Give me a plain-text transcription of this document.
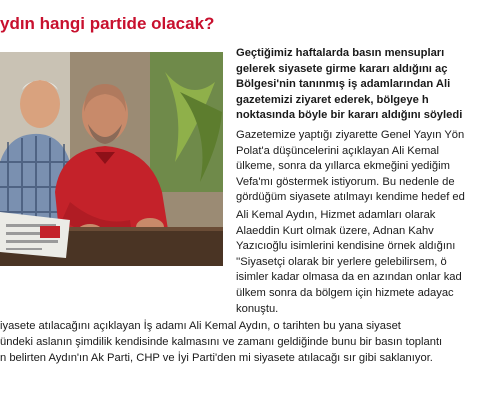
ydın hangi partide olacak?
Geçtiğimiz haftalarda basın mensupları
gelerek siyasete girme kararı aldığını aç
Bölgesi'nin tanınmış iş adamlarından Ali
gazetemizi ziyaret ederek, bölgeye h
noktasında böyle bir kararı aldığını söyledi
Gazetemize yaptığı ziyarette Genel Yayın Yön
Polat'a düşüncelerini açıklayan Ali Kemal
ülkeme, sonra da yıllarca ekmeğini yediğim
Vefa'mı göstermek istiyorum. Bu nedenle de
gördüğüm siyasete atılmayı kendime hedef ed
Ali Kemal Aydın, Hizmet adamları olarak
Alaeddin Kurt olmak üzere, Adnan Kahv
Yazıcıoğlu isimlerini kendisine örnek aldığını
''Siyasetçi olarak bir yerlere gelebilirsem, ö
isimler kadar olmasa da en azından onlar kad
ülkem sonra da bölgem için hizmete adayac
konuştu.
iyasete atılacağını açıklayan İş adamı Ali Kemal Aydın, o tarihten bu yana siyaset
ündeki aslanın şimdilik kendisinde kalmasını ve zamanı geldiğinde bunu bir basın toplantı
n belirten Aydın'ın Ak Parti, CHP ve İyi Parti'den mi siyasete atılacağı sır gibi saklanıyor.
